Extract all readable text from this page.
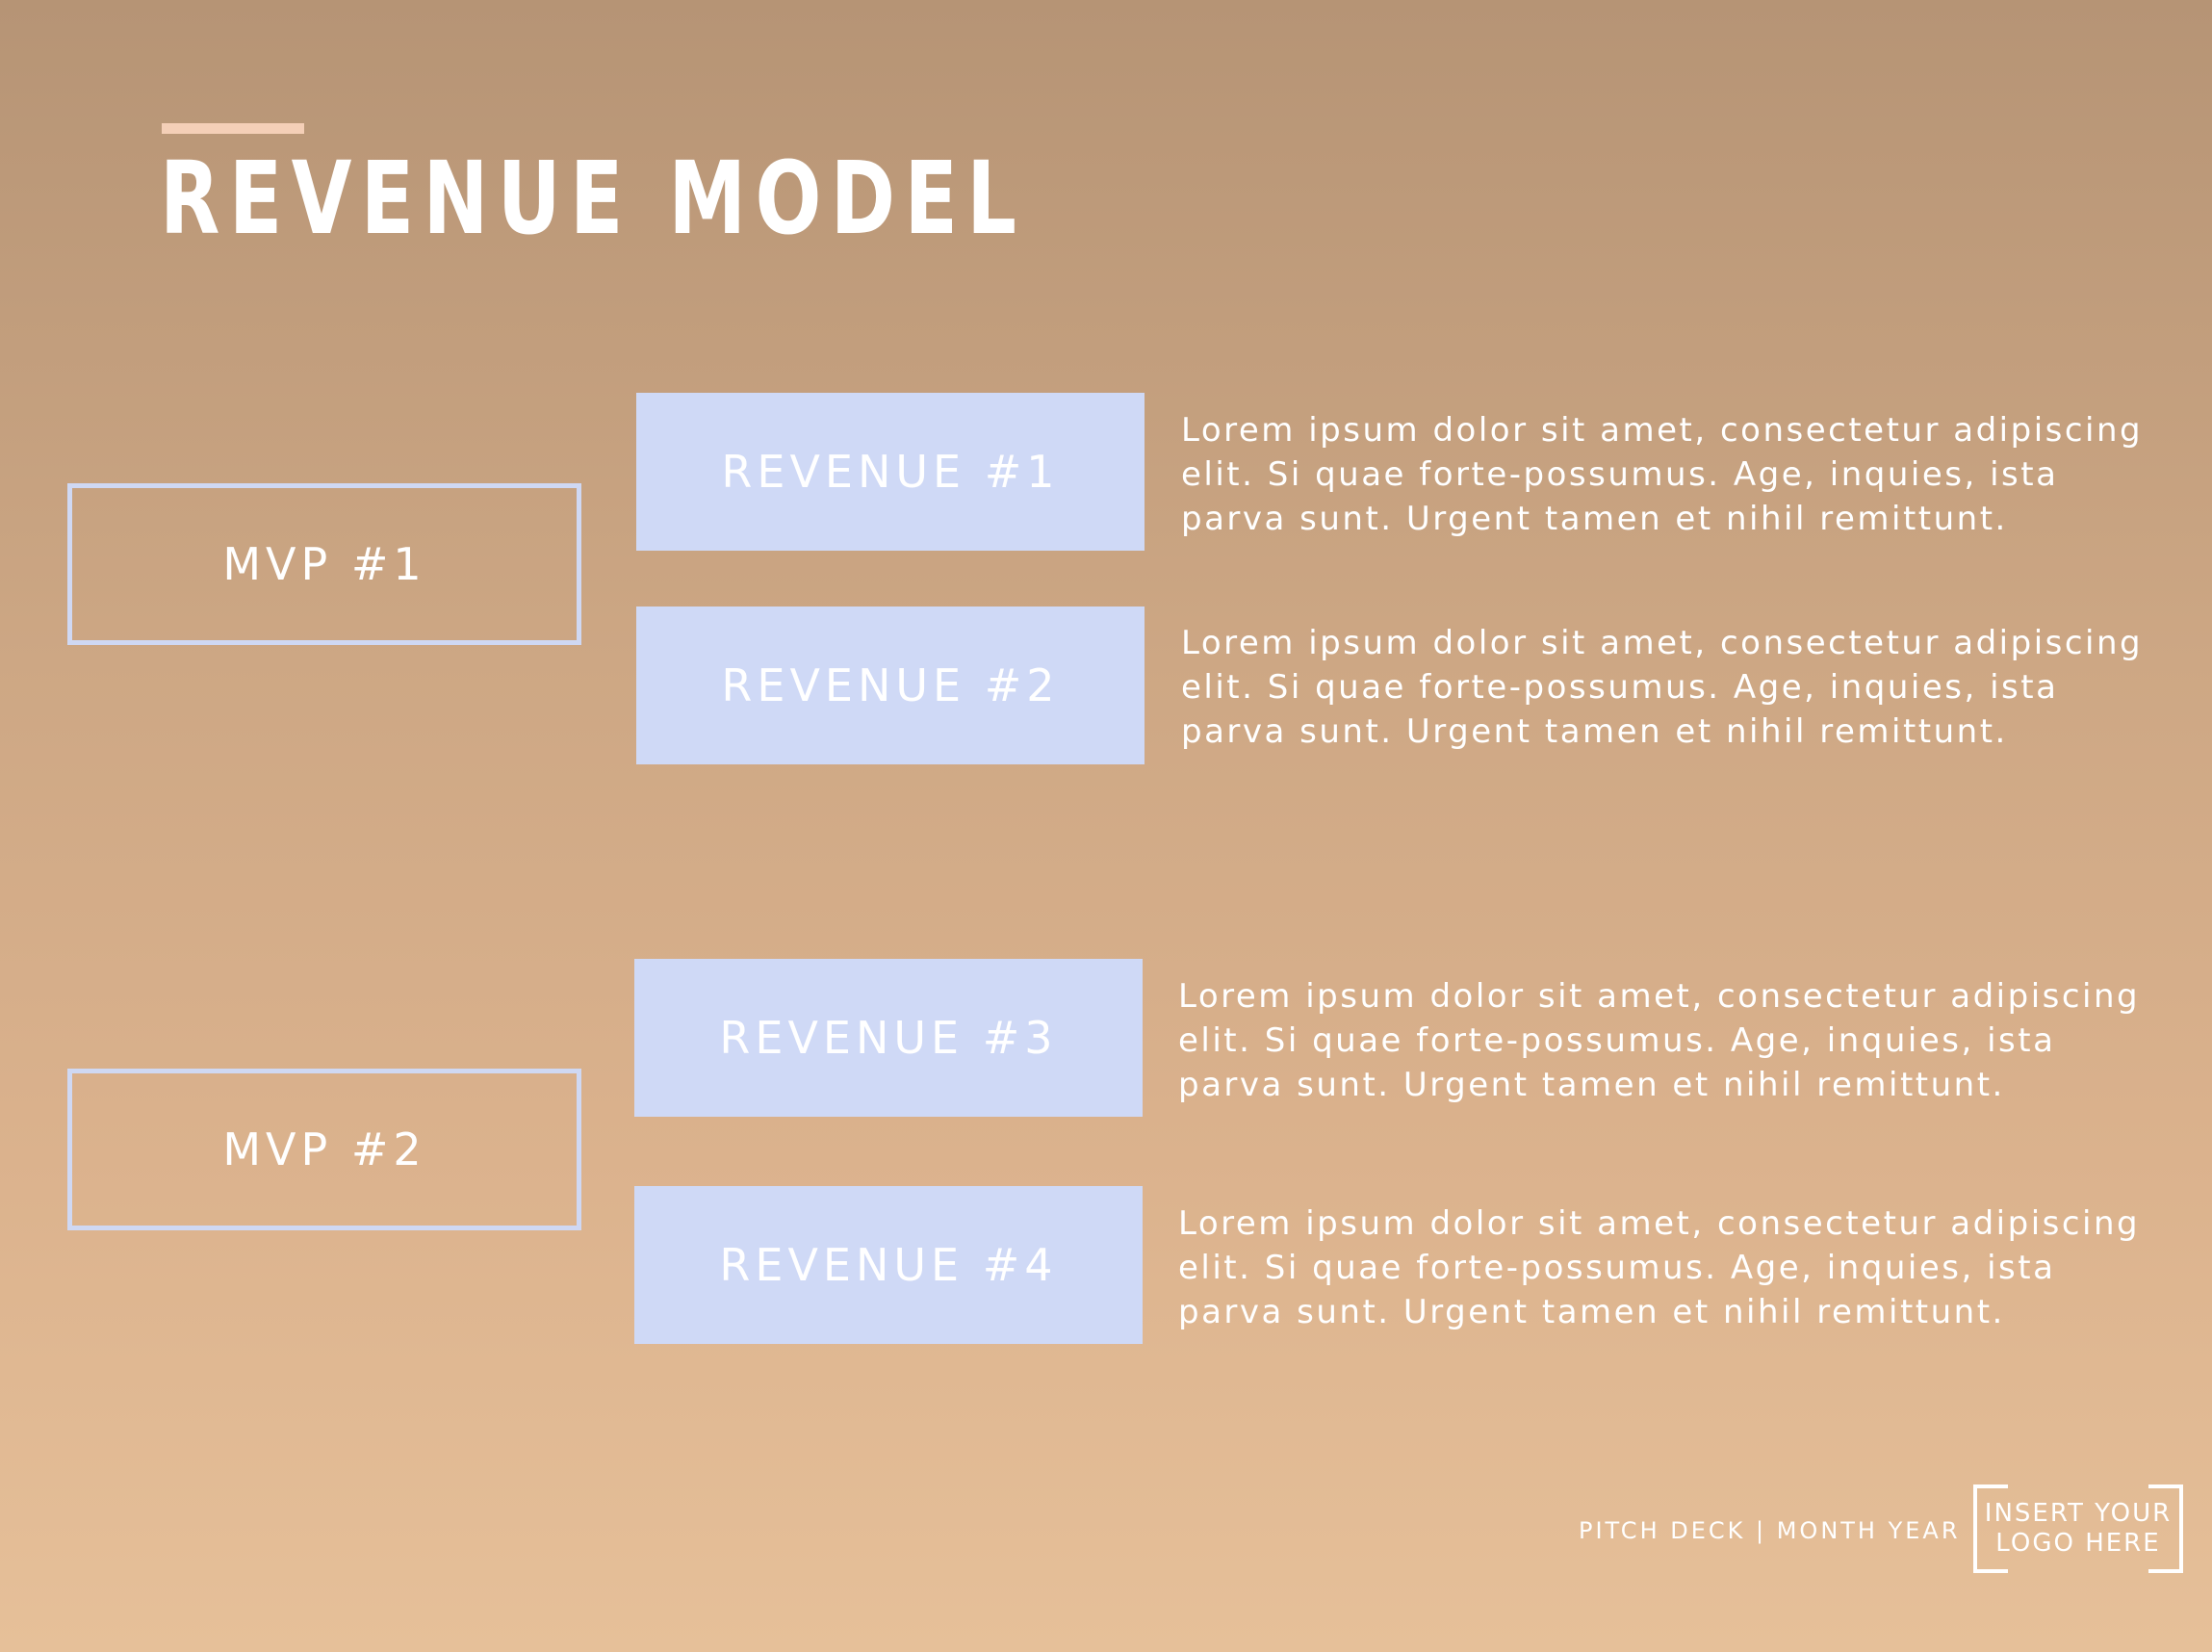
REVENUE MODEL
MVP #1
MVP #2
REVENUE #1
Lorem ipsum dolor sit amet, consectetur adipiscing elit. Si quae forte-possumus. Age, inquies, ista parva sunt. Urgent tamen et nihil remittunt.
REVENUE #2
Lorem ipsum dolor sit amet, consectetur adipiscing elit. Si quae forte-possumus. Age, inquies, ista parva sunt. Urgent tamen et nihil remittunt.
REVENUE #3
Lorem ipsum dolor sit amet, consectetur adipiscing elit. Si quae forte-possumus. Age, inquies, ista parva sunt. Urgent tamen et nihil remittunt.
REVENUE #4
Lorem ipsum dolor sit amet, consectetur adipiscing elit. Si quae forte-possumus. Age, inquies, ista parva sunt. Urgent tamen et nihil remittunt.
PITCH DECK | MONTH YEAR
INSERT YOUR
LOGO HERE
